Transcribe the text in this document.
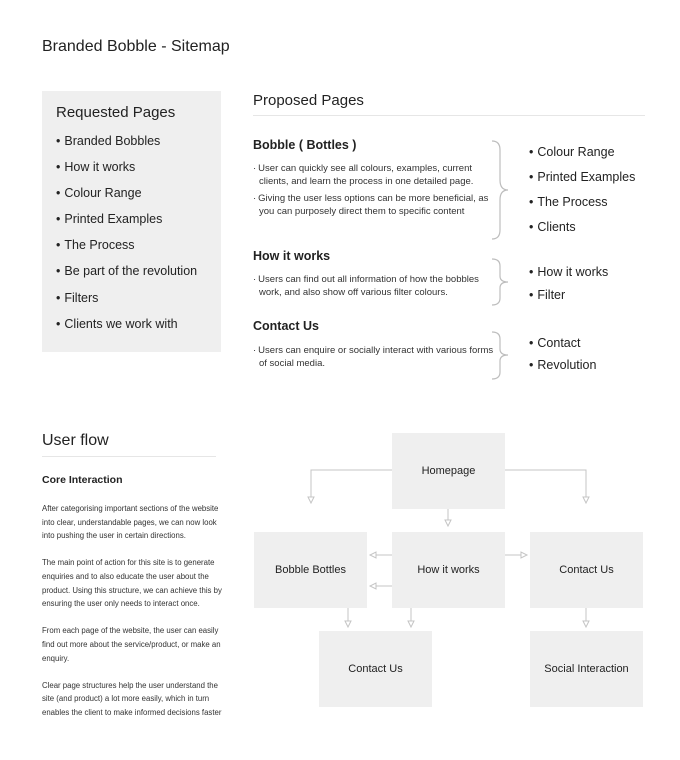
Branded Bobble - Sitemap
Requested Pages
• Branded Bobbles
• How it works
• Colour Range
• Printed Examples
• The Process
• Be part of the revolution
• Filters
• Clients we work with
Proposed Pages
Bobble ( Bottles )

· User can quickly see all colours, examples, current clients, and learn the process in one detailed page.

· Giving the user less options can be more beneficial, as you can purposely direct them to specific content

• Colour Range
• Printed Examples
• The Process
• Clients
How it works

· Users can find out all information of how the bobbles work, and also show off various filter colours.

• How it works
• Filter
Contact Us

· Users can enquire or socially interact with various forms of social media.

• Contact
• Revolution
User flow
Core Interaction

After categorising important sections of the website into clear, understandable pages, we can now look into pushing the user in certain directions.

The main point of action for this site is to generate enquiries and to also educate the user about the product. Using this structure, we can achieve this by ensuring the user only needs to interact once.

From each page of the website, the user can easily find out more about the service/product, or make an enquiry.

Clear page structures help the user understand the site (and product) a lot more easily, which in turn enables the client to make informed decisions faster

Homepage
Bobble Bottles	How it works	Contact Us
Contact Us	Social Interaction
